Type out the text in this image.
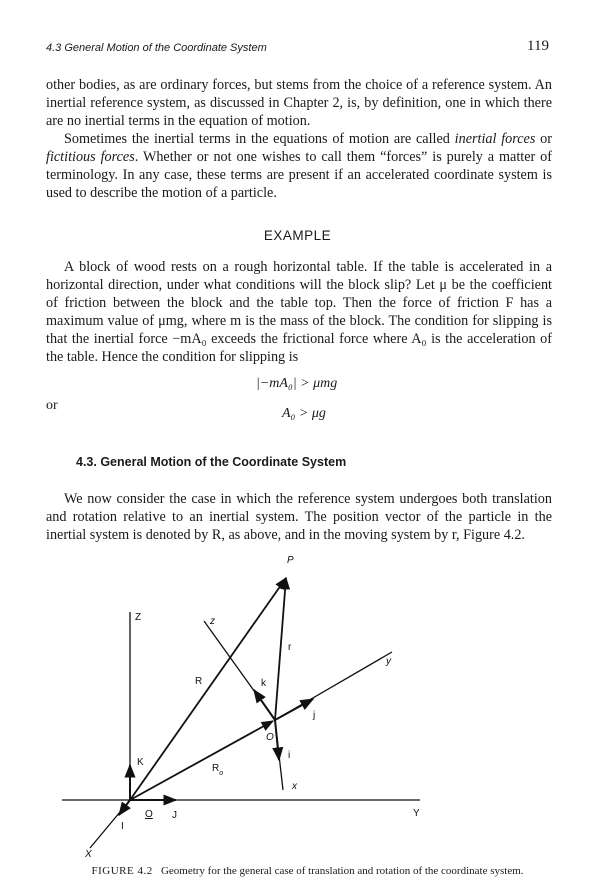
4.3 General Motion of the Coordinate System	119

other bodies, as are ordinary forces, but stems from the choice of a reference system. An inertial reference system, as discussed in Chapter 2, is, by definition, one in which there are no inertial terms in the equation of motion.

Sometimes the inertial terms in the equations of motion are called inertial forces or fictitious forces. Whether or not one wishes to call them “forces” is purely a matter of terminology. In any case, these terms are present if an accelerated coordinate system is used to describe the motion of a particle.

EXAMPLE

A block of wood rests on a rough horizontal table. If the table is accelerated in a horizontal direction, under what conditions will the block slip? Let μ be the coefficient of friction between the block and the table top. Then the force of friction F has a maximum value of μmg, where m is the mass of the block. The condition for slipping is that the inertial force −mA₀ exceeds the frictional force where A₀ is the acceleration of the table. Hence the condition for slipping is

|−mA₀| > μmg
or
A₀ > μg
4.3. General Motion of the Coordinate System

We now consider the case in which the reference system undergoes both translation and rotation relative to an inertial system. The position vector of the particle in the inertial system is denoted by R, as above, and in the moving system by r, Figure 4.2.

P
Z	z
r
y
R	k
j
O
i
x
K
$R_o$
O J
I
Y
X
FIGURE 4.2 Geometry for the general case of translation and rotation of the coordinate system.
